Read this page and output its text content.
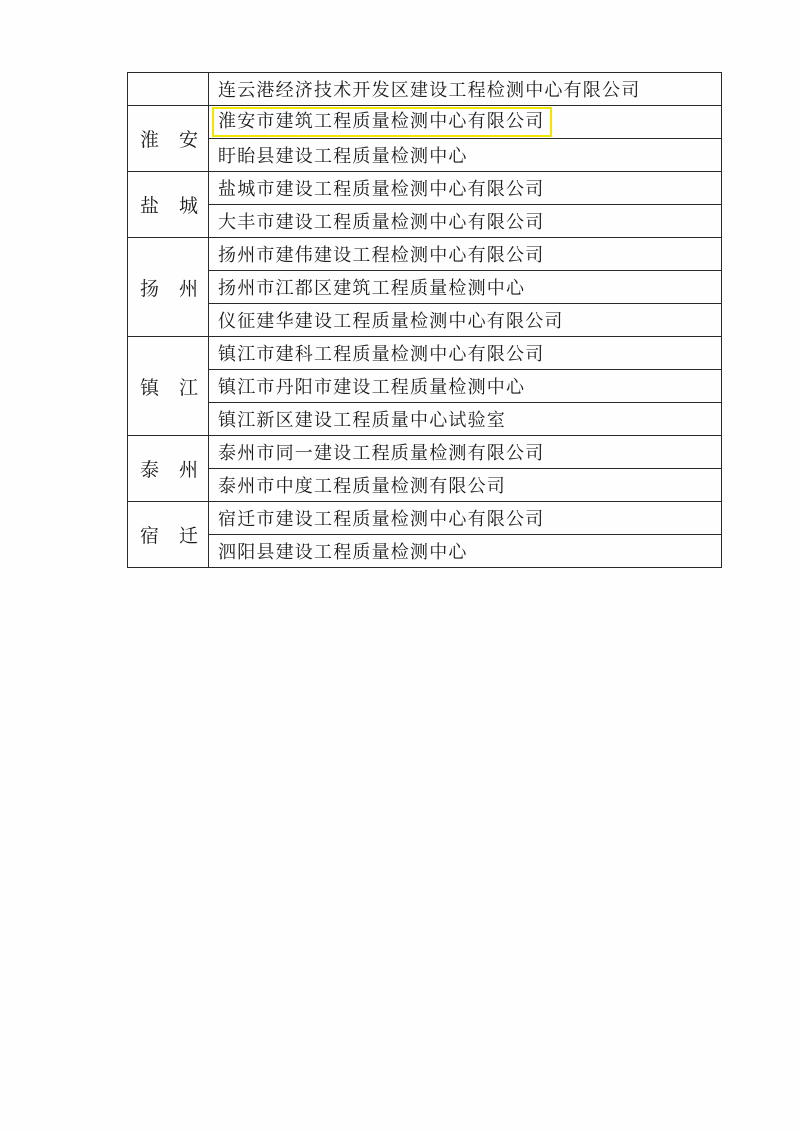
	连云港经济技术开发区建设工程检测中心有限公司

淮 安	淮安市建筑工程质量检测中心有限公司
	盱眙县建设工程质量检测中心

盐 城	盐城市建设工程质量检测中心有限公司
	大丰市建设工程质量检测中心有限公司

扬 州	扬州市建伟建设工程检测中心有限公司
	扬州市江都区建筑工程质量检测中心
	仪征建华建设工程质量检测中心有限公司

镇 江	镇江市建科工程质量检测中心有限公司
	镇江市丹阳市建设工程质量检测中心
	镇江新区建设工程质量中心试验室

泰 州	泰州市同一建设工程质量检测有限公司
	泰州市中度工程质量检测有限公司

宿 迁	宿迁市建设工程质量检测中心有限公司
	泗阳县建设工程质量检测中心
